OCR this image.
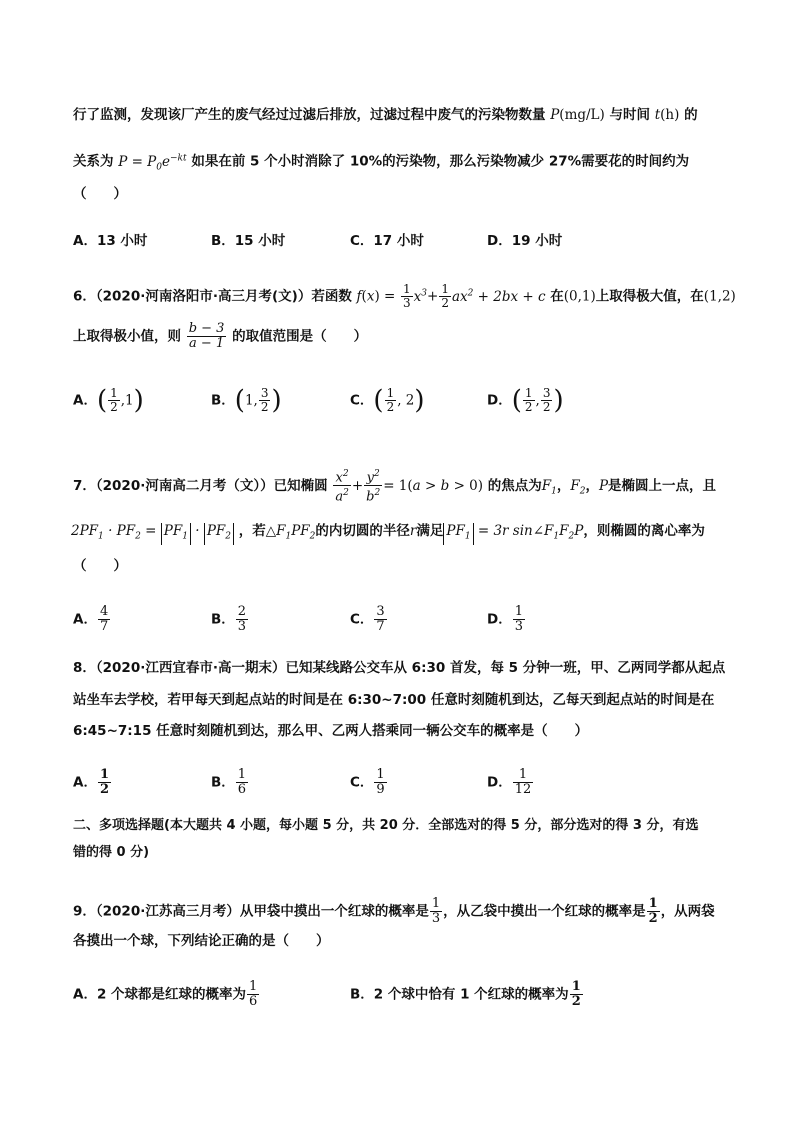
行了监测，发现该厂产生的废气经过过滤后排放，过滤过程中废气的污染物数量 P(mg/L) 与时间 t(h) 的
关系为 $P = P_0e^{-kt}$ 如果在前 5 个小时消除了 10%的污染物，那么污染物减少 27%需要花的时间约为
（　　）
A．13 小时	B．15 小时	C．17 小时	D．19 小时
6．（2020·河南洛阳市·高三月考(文)）若函数 $f(x) = \frac{1}{3} x^3+ \frac{1}{2} ax^2 + 2bx + c$ 在(0,1)上取得极大值，在(1,2)
上取得极小值，则 $\frac{b - 3}{a - 1}$ 的取值范围是（　　）
A．( $\frac{1}{2} ,1$)	B．(1, $\frac{3}{2}$ )	C．( $\frac{1}{2}$ , 2)	D．( $\frac{1}{2}$ , $\frac{3}{2}$ )
7．（2020·河南高二月考（文））已知椭圆 $\frac{x^2}{a^2} + \frac{y^2}{b^2} = 1(a > b > 0)$ 的焦点为$F_1$，$F_2$，P是椭圆上一点，且
$2PF_1 \cdot PF_2 = PF_1 \cdot PF_2$ ，若$\triangle F_1PF_2$的内切圆的半径r满足 $PF_1 = 3r$ $\sin\angle F_1F_2P$，则椭圆的离心率为
（　　）
A． $\frac{4}{7}$	B． $\frac{2}{3}$	C． $\frac{3}{7}$	D． $\frac{1}{3}$
8．（2020·江西宜春市·高一期末）已知某线路公交车从 6:30 首发，每 5 分钟一班，甲、乙两同学都从起点
站坐车去学校，若甲每天到起点站的时间是在 6:30~7:00 任意时刻随机到达，乙每天到起点站的时间是在
6:45~7:15 任意时刻随机到达，那么甲、乙两人搭乘同一辆公交车的概率是（　　）
A． $\frac{1}{2}$	B． $\frac{1}{6}$	C． $\frac{1}{9}$	D． $\frac{1}{12}$
二、多项选择题(本大题共 4 小题，每小题 5 分，共 20 分．全部选对的得 5 分，部分选对的得 3 分，有选
错的得 0 分)
9．（2020·江苏高三月考）从甲袋中摸出一个红球的概率是 $\frac{1}{3}$ ，从乙袋中摸出一个红球的概率是 $\frac{1}{2}$ ，从两袋
各摸出一个球，下列结论正确的是（　　）
A．2 个球都是红球的概率为 $\frac{1}{6}$	B．2 个球中恰有 1 个红球的概率为 $\frac{1}{2}$
